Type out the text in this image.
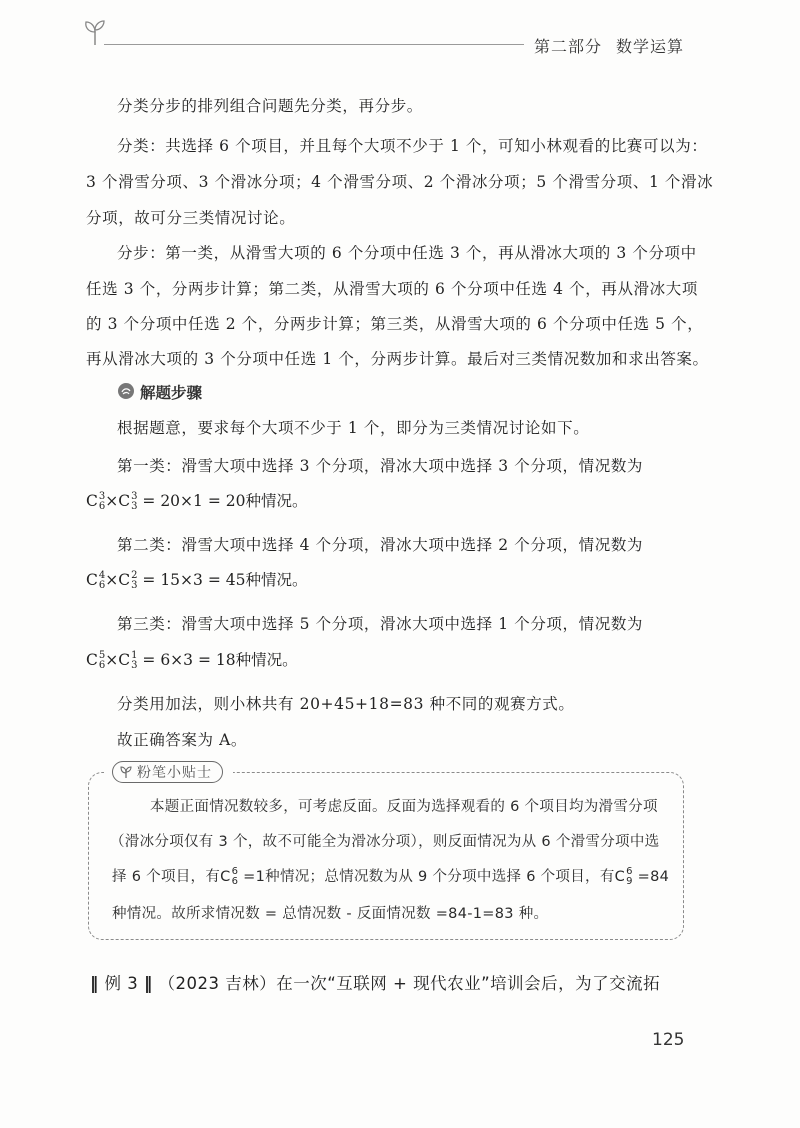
第二部分 数学运算
分类分步的排列组合问题先分类，再分步。
分类：共选择 6 个项目，并且每个大项不少于 1 个，可知小林观看的比赛可以为：
3 个滑雪分项、3 个滑冰分项；4 个滑雪分项、2 个滑冰分项；5 个滑雪分项、1 个滑冰
分项，故可分三类情况讨论。
分步：第一类，从滑雪大项的 6 个分项中任选 3 个，再从滑冰大项的 3 个分项中
任选 3 个，分两步计算；第二类，从滑雪大项的 6 个分项中任选 4 个，再从滑冰大项
的 3 个分项中任选 2 个，分两步计算；第三类，从滑雪大项的 6 个分项中任选 5 个，
再从滑冰大项的 3 个分项中任选 1 个，分两步计算。最后对三类情况数加和求出答案。
解题步骤
根据题意，要求每个大项不少于 1 个，即分为三类情况讨论如下。
第一类：滑雪大项中选择 3 个分项，滑冰大项中选择 3 个分项，情况数为
C 3
6 ×C 3
3 = 20×1 = 20种情况。
第二类：滑雪大项中选择 4 个分项，滑冰大项中选择 2 个分项，情况数为
C 4
6 ×C 2
3 = 15×3 = 45种情况。
第三类：滑雪大项中选择 5 个分项，滑冰大项中选择 1 个分项，情况数为
C 5
6 ×C 1
3 = 6×3 = 18种情况。
分类用加法，则小林共有 20+45+18=83 种不同的观赛方式。
故正确答案为 A。
粉笔小贴士
本题正面情况数较多，可考虑反面。反面为选择观看的 6 个项目均为滑雪分项
（滑冰分项仅有 3 个，故不可能全为滑冰分项），则反面情况为从 6 个滑雪分项中选
择 6 个项目，有C 6
6 =1种情况；总情况数为从 9 个分项中选择 6 个项目，有C 6
9 =84
种情况。故所求情况数 = 总情况数 - 反面情况数 =84-1=83 种。
‖ 例 3 ‖ （2023 吉林）在一次“互联网 + 现代农业”培训会后，为了交流拓
125
